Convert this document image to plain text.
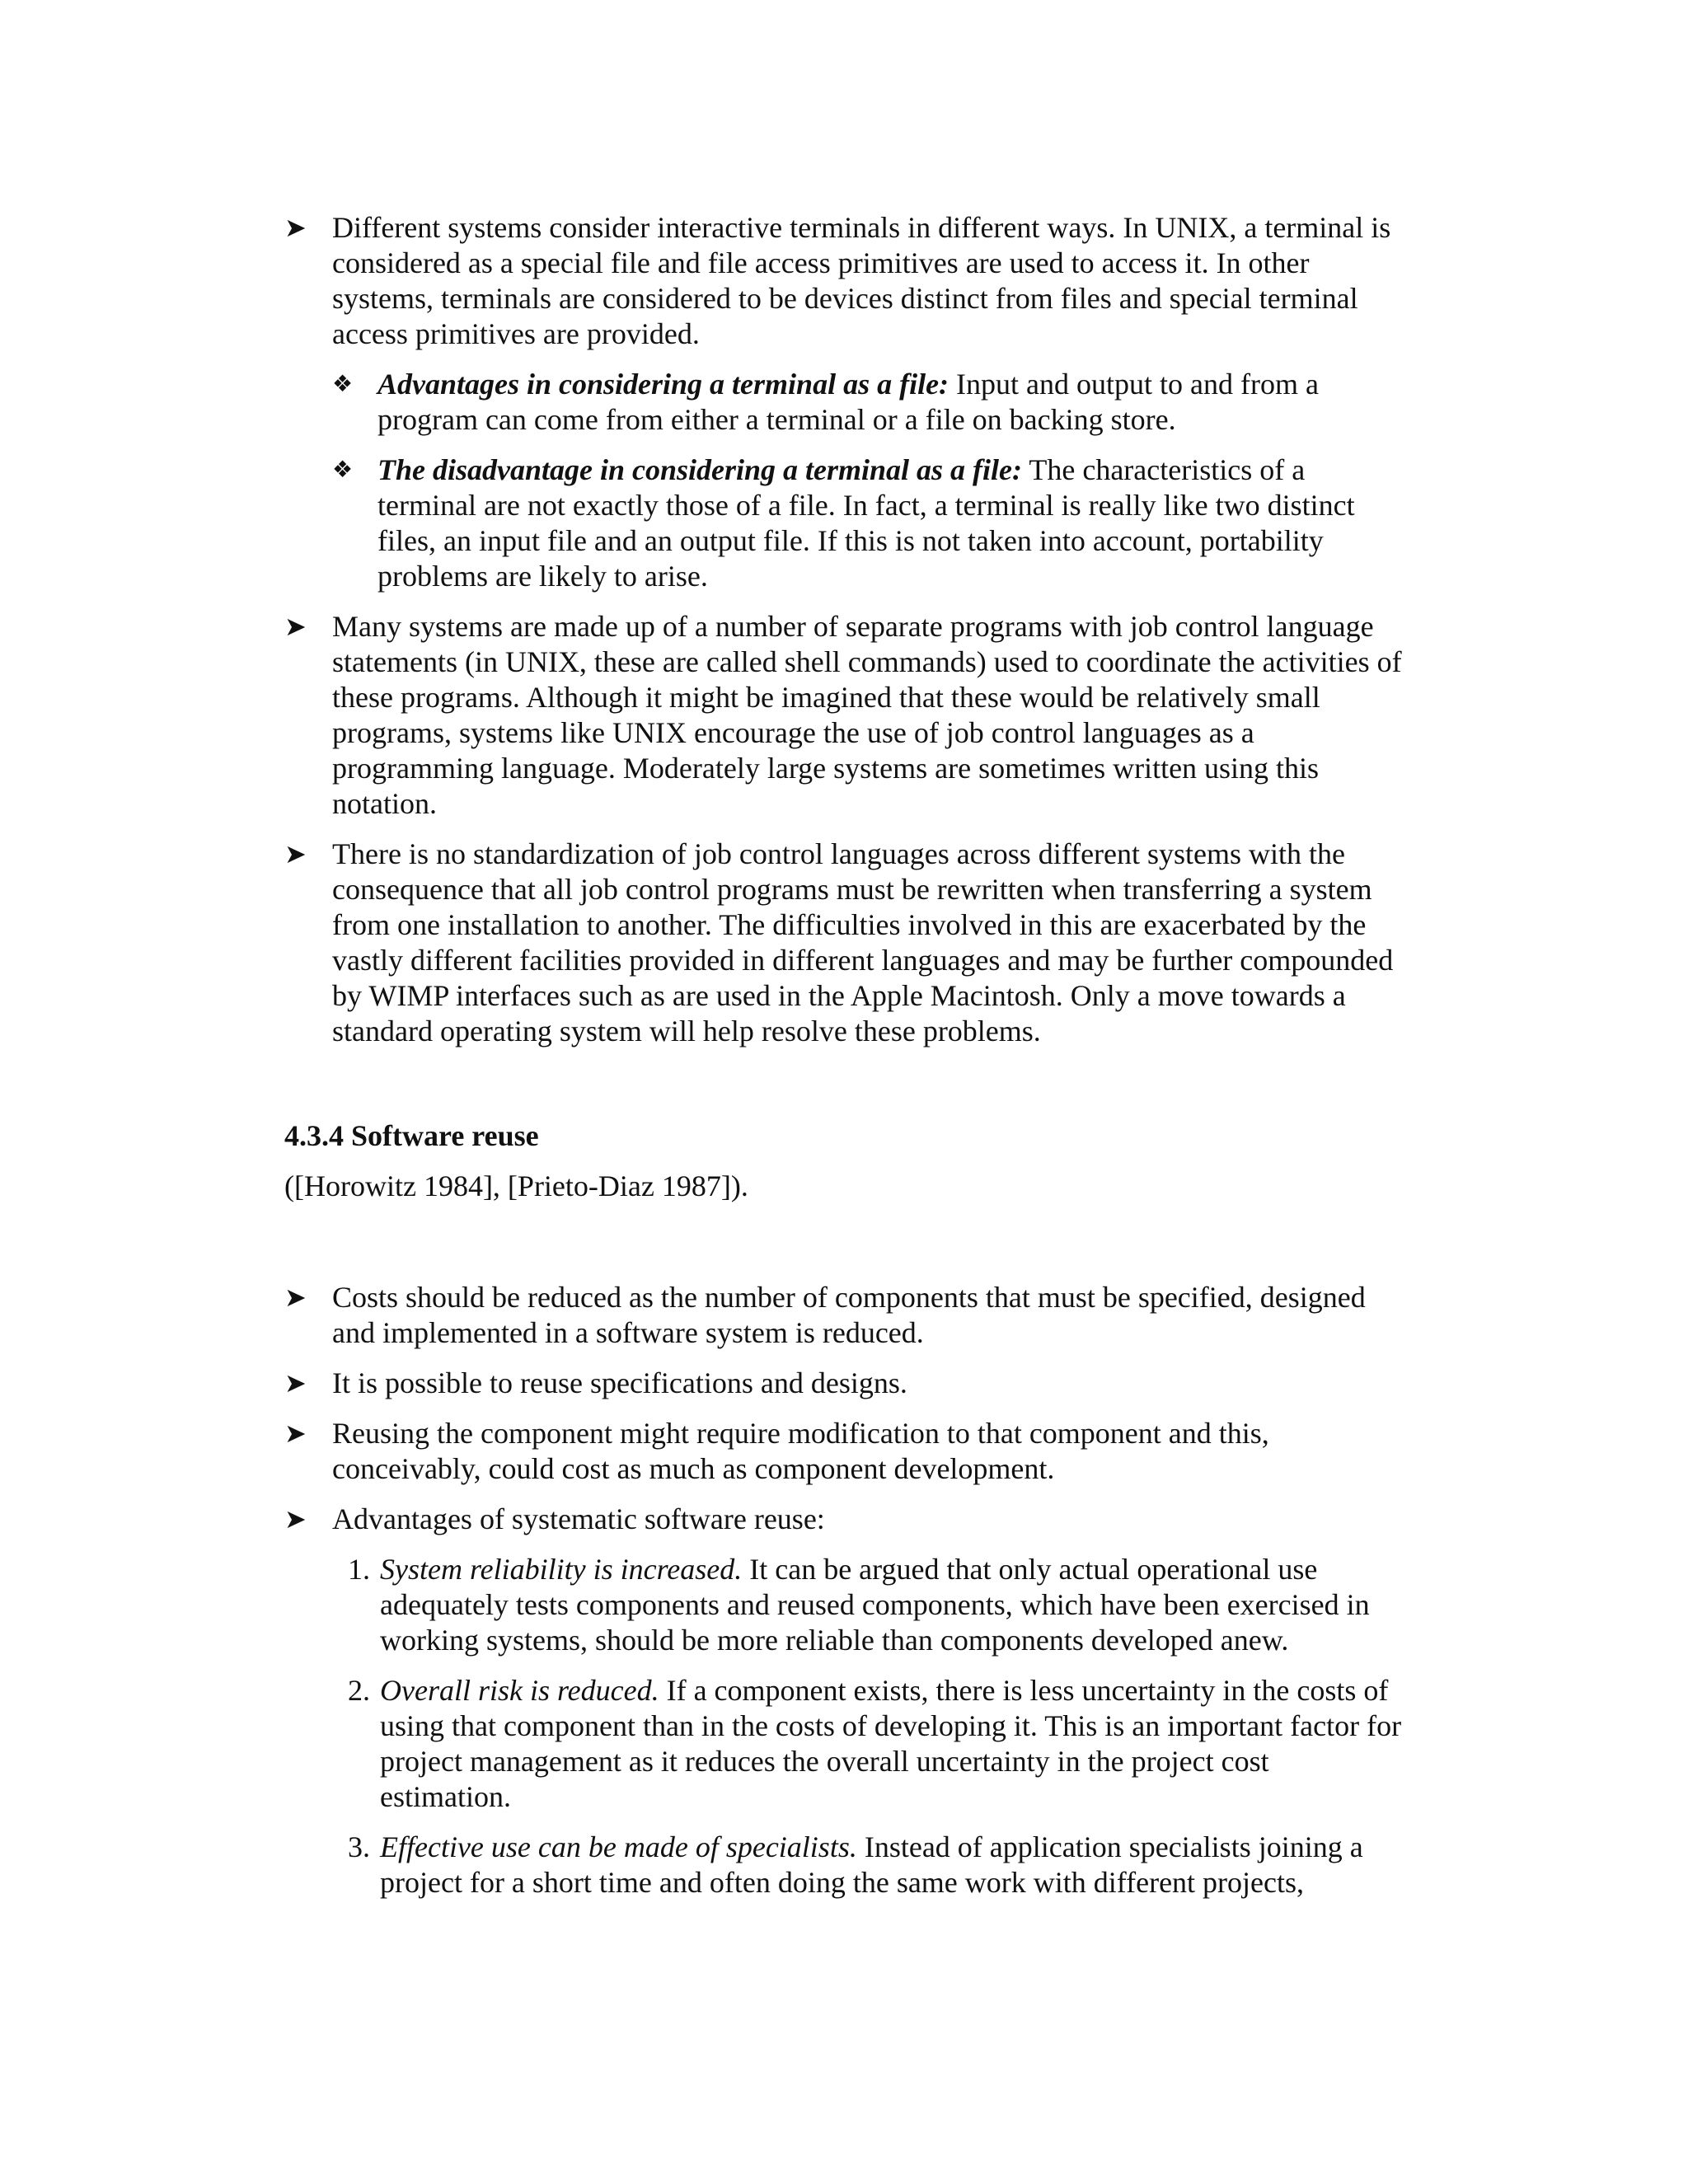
➤ Different systems consider interactive terminals in different ways. In UNIX, a terminal is considered as a special file and file access primitives are used to access it. In other systems, terminals are considered to be devices distinct from files and special terminal access primitives are provided.
❖ Advantages in considering a terminal as a file: Input and output to and from a program can come from either a terminal or a file on backing store.
❖ The disadvantage in considering a terminal as a file: The characteristics of a terminal are not exactly those of a file. In fact, a terminal is really like two distinct files, an input file and an output file. If this is not taken into account, portability problems are likely to arise.
➤ Many systems are made up of a number of separate programs with job control language statements (in UNIX, these are called shell commands) used to coordinate the activities of these programs. Although it might be imagined that these would be relatively small programs, systems like UNIX encourage the use of job control languages as a programming language. Moderately large systems are sometimes written using this notation.
➤ There is no standardization of job control languages across different systems with the consequence that all job control programs must be rewritten when transferring a system from one installation to another. The difficulties involved in this are exacerbated by the vastly different facilities provided in different languages and may be further compounded by WIMP interfaces such as are used in the Apple Macintosh. Only a move towards a standard operating system will help resolve these problems.
4.3.4 Software reuse
([Horowitz 1984], [Prieto-Diaz 1987]).
➤ Costs should be reduced as the number of components that must be specified, designed and implemented in a software system is reduced.
➤ It is possible to reuse specifications and designs.
➤ Reusing the component might require modification to that component and this, conceivably, could cost as much as component development.
➤ Advantages of systematic software reuse:
1. System reliability is increased. It can be argued that only actual operational use adequately tests components and reused components, which have been exercised in working systems, should be more reliable than components developed anew.
2. Overall risk is reduced. If a component exists, there is less uncertainty in the costs of using that component than in the costs of developing it. This is an important factor for project management as it reduces the overall uncertainty in the project cost estimation.
3. Effective use can be made of specialists. Instead of application specialists joining a project for a short time and often doing the same work with different projects,
